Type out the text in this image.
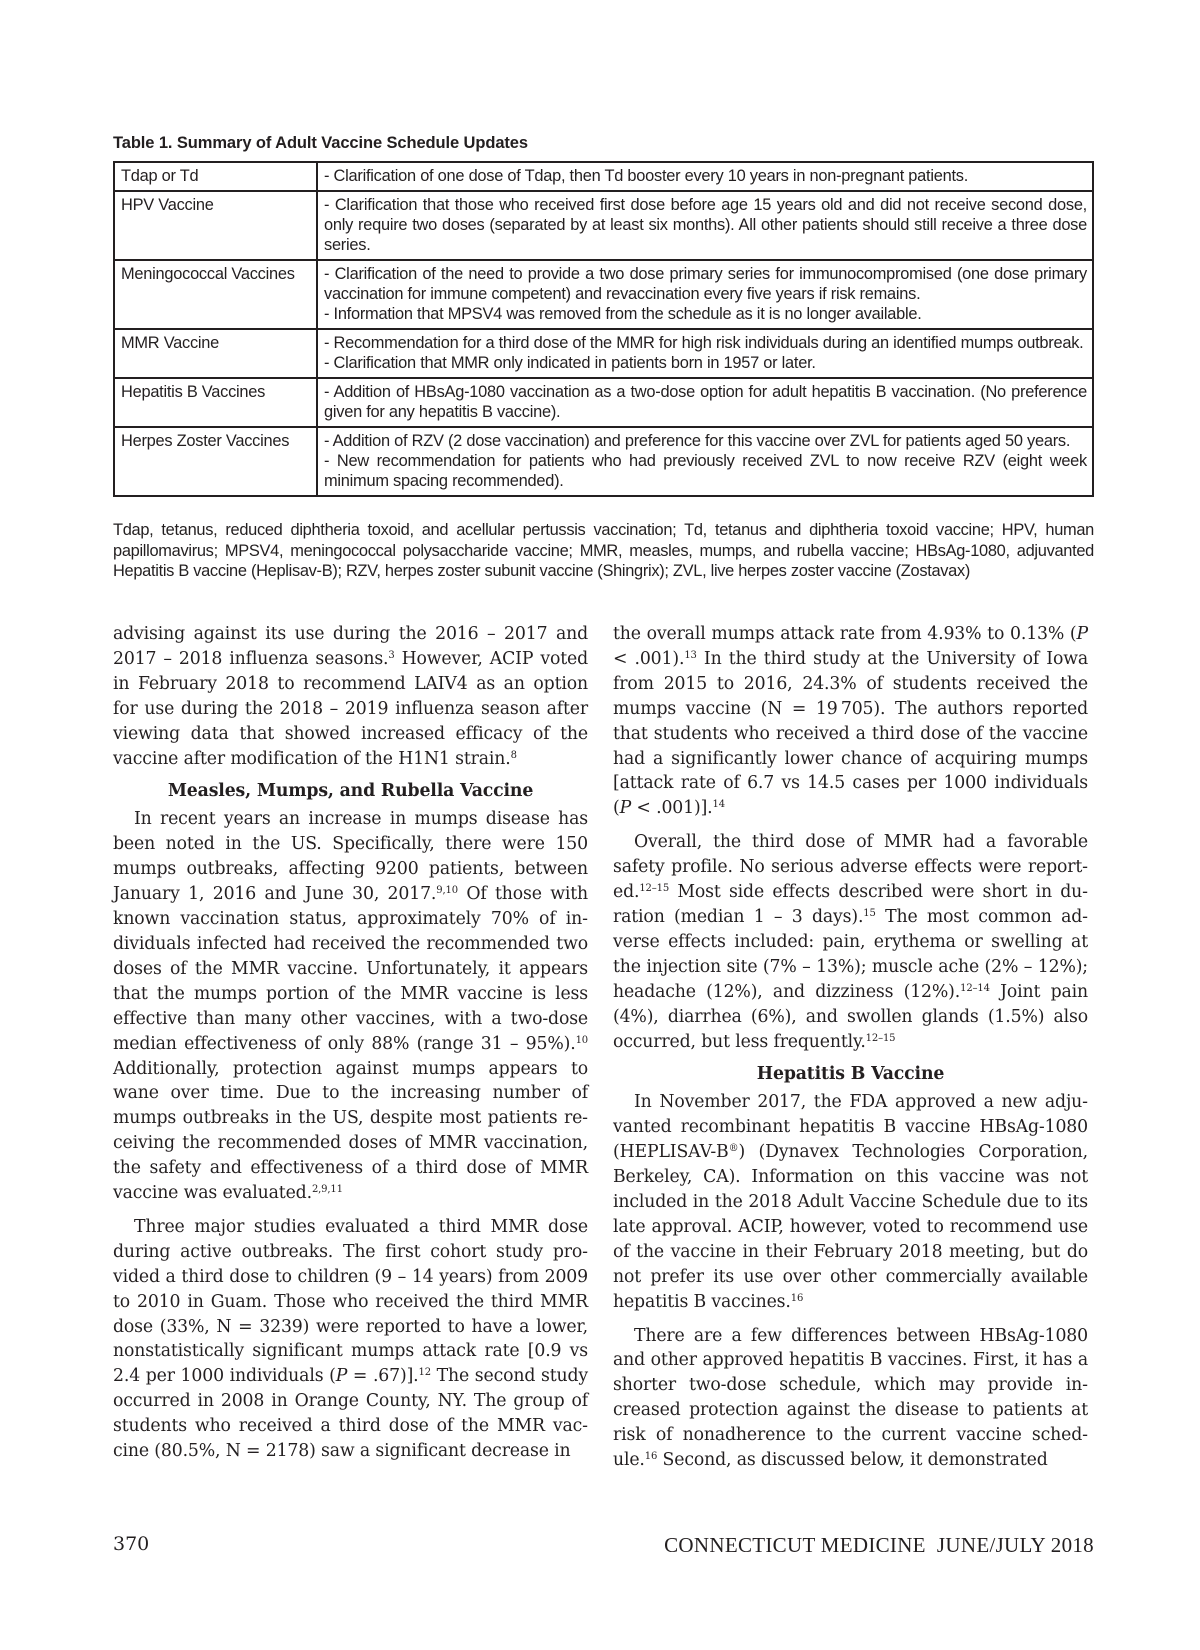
Table 1. Summary of Adult Vaccine Schedule Updates
Tdap or Td	- Clarification of one dose of Tdap, then Td booster every 10 years in non-pregnant patients.

HPV Vaccine	- Clarification that those who received first dose before age 15 years old and did not receive second dose, only require two doses (separated by at least six months). All other patients should still receive a three dose series.

Meningococcal Vaccines	- Clarification of the need to provide a two dose primary series for immunocompromised (one dose primary vaccination for immune competent) and revaccination every five years if risk remains.
- Information that MPSV4 was removed from the schedule as it is no longer available.

MMR Vaccine	- Recommendation for a third dose of the MMR for high risk individuals during an identified mumps outbreak.
- Clarification that MMR only indicated in patients born in 1957 or later.

Hepatitis B Vaccines	- Addition of HBsAg-1080 vaccination as a two-dose option for adult hepatitis B vaccination. (No preference given for any hepatitis B vaccine).

Herpes Zoster Vaccines	- Addition of RZV (2 dose vaccination) and preference for this vaccine over ZVL for patients aged 50 years.
- New recommendation for patients who had previously received ZVL to now receive RZV (eight week minimum spacing recommended).
Tdap, tetanus, reduced diphtheria toxoid, and acellular pertussis vaccination; Td, tetanus and diphtheria toxoid vaccine; HPV, human papillomavirus; MPSV4, meningococcal polysaccharide vaccine; MMR, measles, mumps, and rubella vaccine; HBsAg-1080, adjuvanted Hepatitis B vaccine (Heplisav-B); RZV, herpes zoster subunit vaccine (Shingrix); ZVL, live herpes zoster vaccine (Zostavax)

advising against its use during the 2016 – 2017 and 2017 – 2018 influenza seasons.$^3$ However, ACIP voted in February 2018 to recommend LAIV4 as an option for use during the 2018 – 2019 influenza season after viewing data that showed increased efficacy of the vaccine after modification of the H1N1 strain.$^8$

Measles, Mumps, and Rubella Vaccine

In recent years an increase in mumps disease has been noted in the US. Specifically, there were 150 mumps outbreaks, affecting 9200 patients, between January 1, 2016 and June 30, 2017.$^{9,10}$ Of those with known vaccination status, approximately 70% of individuals infected had received the recommended two doses of the MMR vaccine. Unfortunately, it appears that the mumps portion of the MMR vaccine is less effective than many other vaccines, with a two-dose median effectiveness of only 88% (range 31 – 95%).$^{10}$ Additionally, protection against mumps appears to wane over time. Due to the increasing number of mumps outbreaks in the US, despite most patients receiving the recommended doses of MMR vaccination, the safety and effectiveness of a third dose of MMR vaccine was evaluated.$^{2,9,11}$

Three major studies evaluated a third MMR dose during active outbreaks. The first cohort study provided a third dose to children (9 – 14 years) from 2009 to 2010 in Guam. Those who received the third MMR dose (33%, N = 3239) were reported to have a lower, nonstatistically significant mumps attack rate [0.9 vs 2.4 per 1000 individuals (P = .67)].$^{12}$ The second study occurred in 2008 in Orange County, NY. The group of students who received a third dose of the MMR vaccine (80.5%, N = 2178) saw a significant decrease in

the overall mumps attack rate from 4.93% to 0.13% (P < .001).$^{13}$ In the third study at the University of Iowa from 2015 to 2016, 24.3% of students received the mumps vaccine (N = 19 705). The authors reported that students who received a third dose of the vaccine had a significantly lower chance of acquiring mumps [attack rate of 6.7 vs 14.5 cases per 1000 individuals (P < .001)].$^{14}$

Overall, the third dose of MMR had a favorable safety profile. No serious adverse effects were reported.$^{12-15}$ Most side effects described were short in duration (median 1 – 3 days).$^{15}$ The most common adverse effects included: pain, erythema or swelling at the injection site (7% – 13%); muscle ache (2% – 12%); headache (12%), and dizziness (12%).$^{12-14}$ Joint pain (4%), diarrhea (6%), and swollen glands (1.5%) also occurred, but less frequently.$^{12-15}$

Hepatitis B Vaccine

In November 2017, the FDA approved a new adjuvanted recombinant hepatitis B vaccine HBsAg-1080 (HEPLISAV-B®) (Dynavex Technologies Corporation, Berkeley, CA). Information on this vaccine was not included in the 2018 Adult Vaccine Schedule due to its late approval. ACIP, however, voted to recommend use of the vaccine in their February 2018 meeting, but do not prefer its use over other commercially available hepatitis B vaccines.$^{16}$

There are a few differences between HBsAg-1080 and other approved hepatitis B vaccines. First, it has a shorter two-dose schedule, which may provide increased protection against the disease to patients at risk of nonadherence to the current vaccine schedule.$^{16}$ Second, as discussed below, it demonstrated

370	CONNECTICUT MEDICINE JUNE/JULY 2018
